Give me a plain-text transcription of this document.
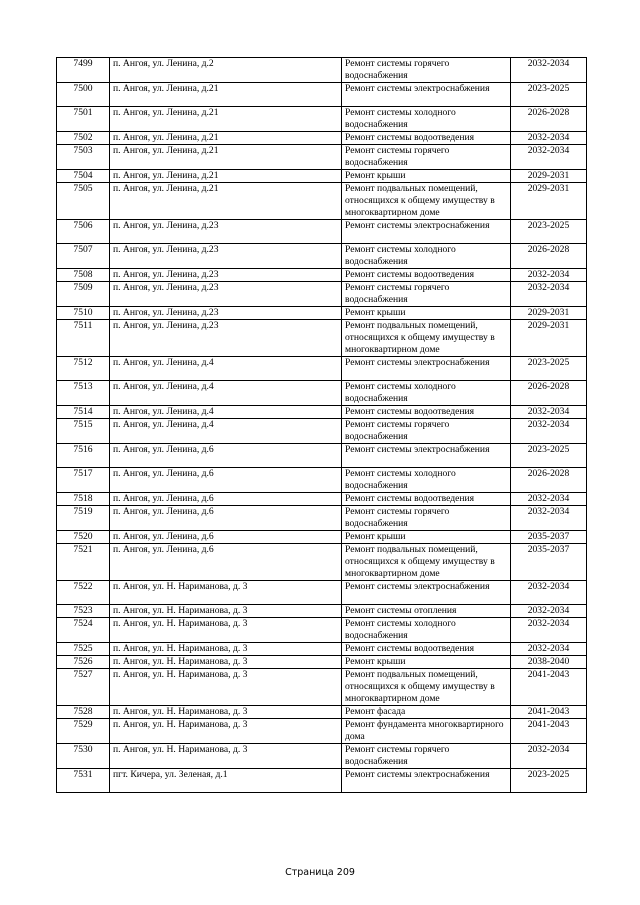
7499	п. Ангоя, ул. Ленина, д.2	Ремонт системы горячего
водоснабжения	2032-2034
7500	п. Ангоя, ул. Ленина, д.21	Ремонт системы электроснабжения	2023-2025
7501	п. Ангоя, ул. Ленина, д.21	Ремонт системы холодного
водоснабжения	2026-2028
7502	п. Ангоя, ул. Ленина, д.21	Ремонт системы водоотведения	2032-2034
7503	п. Ангоя, ул. Ленина, д.21	Ремонт системы горячего
водоснабжения	2032-2034
7504	п. Ангоя, ул. Ленина, д.21	Ремонт крыши	2029-2031
7505	п. Ангоя, ул. Ленина, д.21	Ремонт подвальных помещений,
относящихся к общему имуществу в
многоквартирном доме	2029-2031
7506	п. Ангоя, ул. Ленина, д.23	Ремонт системы электроснабжения	2023-2025
7507	п. Ангоя, ул. Ленина, д.23	Ремонт системы холодного
водоснабжения	2026-2028
7508	п. Ангоя, ул. Ленина, д.23	Ремонт системы водоотведения	2032-2034
7509	п. Ангоя, ул. Ленина, д.23	Ремонт системы горячего
водоснабжения	2032-2034
7510	п. Ангоя, ул. Ленина, д.23	Ремонт крыши	2029-2031
7511	п. Ангоя, ул. Ленина, д.23	Ремонт подвальных помещений,
относящихся к общему имуществу в
многоквартирном доме	2029-2031
7512	п. Ангоя, ул. Ленина, д.4	Ремонт системы электроснабжения	2023-2025
7513	п. Ангоя, ул. Ленина, д.4	Ремонт системы холодного
водоснабжения	2026-2028
7514	п. Ангоя, ул. Ленина, д.4	Ремонт системы водоотведения	2032-2034
7515	п. Ангоя, ул. Ленина, д.4	Ремонт системы горячего
водоснабжения	2032-2034
7516	п. Ангоя, ул. Ленина, д.6	Ремонт системы электроснабжения	2023-2025
7517	п. Ангоя, ул. Ленина, д.6	Ремонт системы холодного
водоснабжения	2026-2028
7518	п. Ангоя, ул. Ленина, д.6	Ремонт системы водоотведения	2032-2034
7519	п. Ангоя, ул. Ленина, д.6	Ремонт системы горячего
водоснабжения	2032-2034
7520	п. Ангоя, ул. Ленина, д.6	Ремонт крыши	2035-2037
7521	п. Ангоя, ул. Ленина, д.6	Ремонт подвальных помещений,
относящихся к общему имуществу в
многоквартирном доме	2035-2037
7522	п. Ангоя, ул. Н. Нариманова, д. 3	Ремонт системы электроснабжения	2032-2034
7523	п. Ангоя, ул. Н. Нариманова, д. 3	Ремонт системы отопления	2032-2034
7524	п. Ангоя, ул. Н. Нариманова, д. 3	Ремонт системы холодного
водоснабжения	2032-2034
7525	п. Ангоя, ул. Н. Нариманова, д. 3	Ремонт системы водоотведения	2032-2034
7526	п. Ангоя, ул. Н. Нариманова, д. 3	Ремонт крыши	2038-2040
7527	п. Ангоя, ул. Н. Нариманова, д. 3	Ремонт подвальных помещений,
относящихся к общему имуществу в
многоквартирном доме	2041-2043
7528	п. Ангоя, ул. Н. Нариманова, д. 3	Ремонт фасада	2041-2043
7529	п. Ангоя, ул. Н. Нариманова, д. 3	Ремонт фундамента многоквартирного
дома	2041-2043
7530	п. Ангоя, ул. Н. Нариманова, д. 3	Ремонт системы горячего
водоснабжения	2032-2034
7531	пгт. Кичера, ул. Зеленая, д.1	Ремонт системы электроснабжения	2023-2025
Страница 209
